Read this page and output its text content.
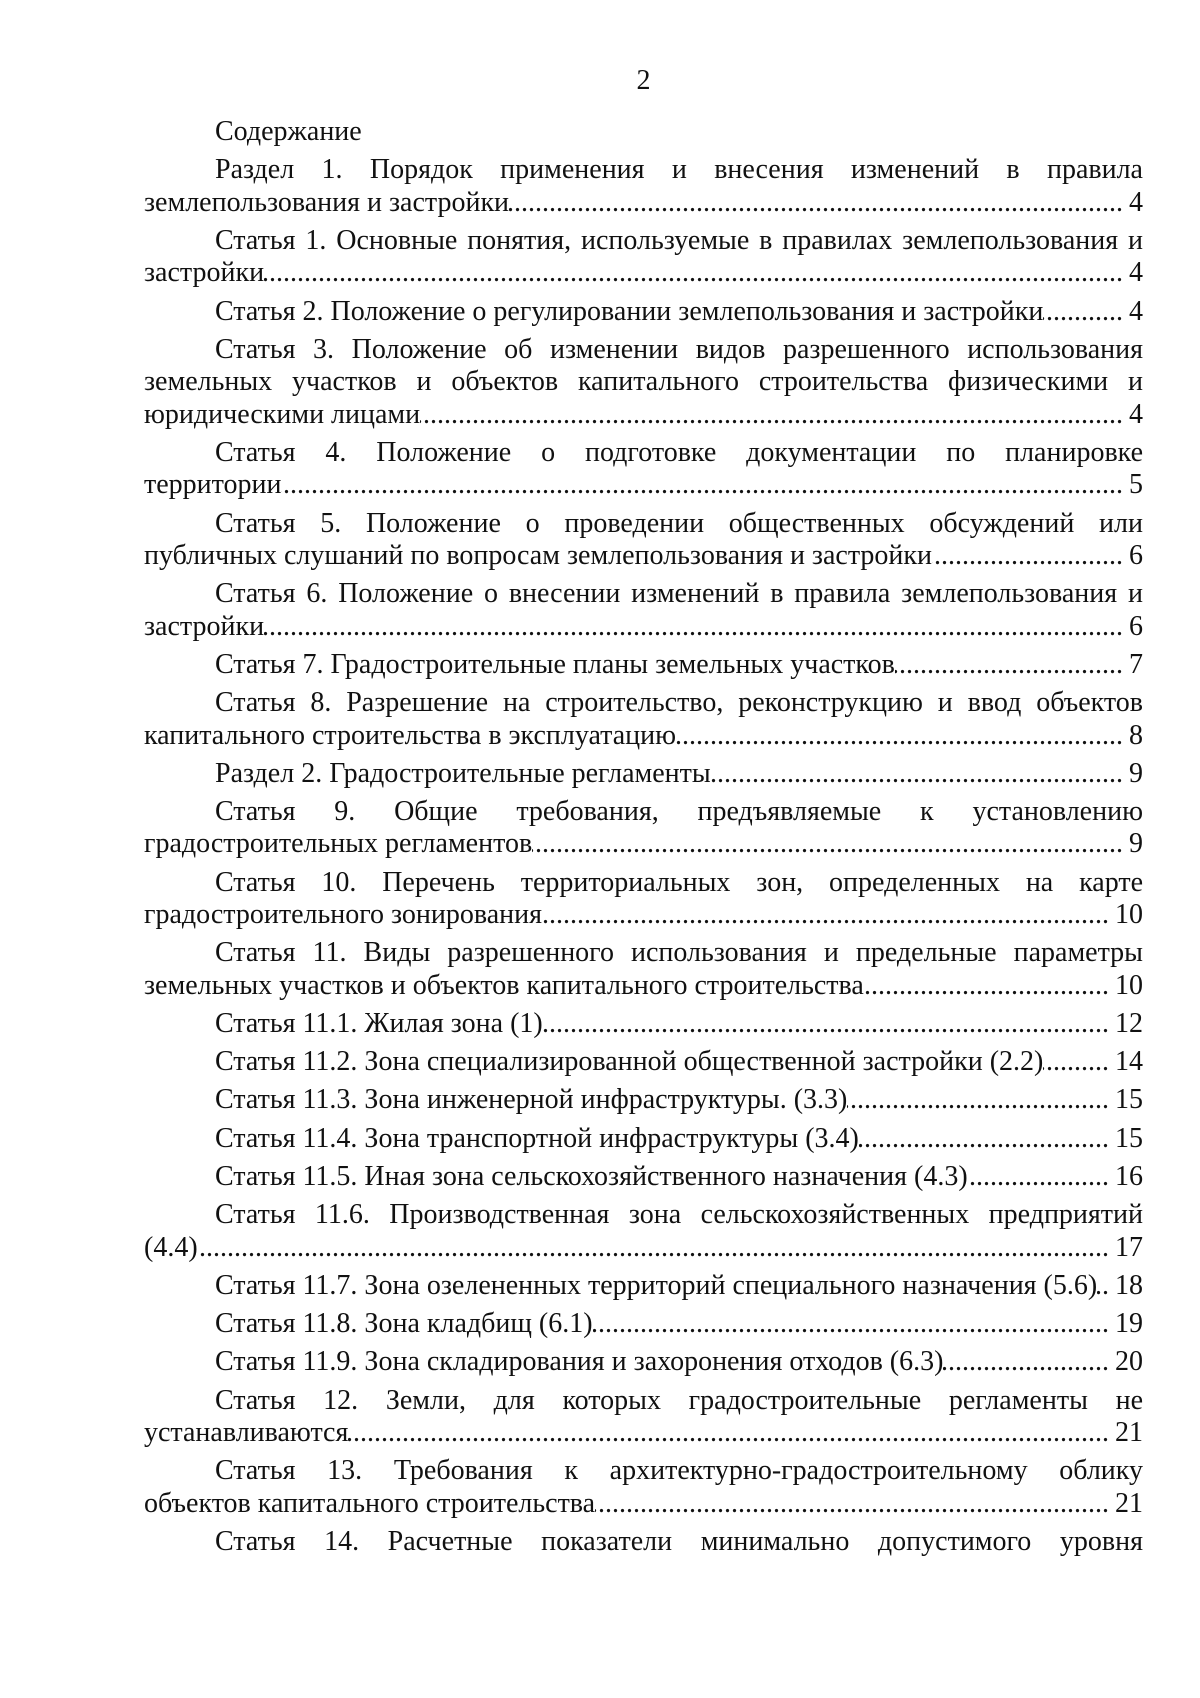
2
Содержание
Раздел 1. Порядок применения и внесения изменений в правила
землепользования и застройки .....	4
Статья 1. Основные понятия, используемые в правилах землепользования и
застройки .....	4
Статья 2. Положение о регулировании землепользования и застройки .....	4
Статья 3. Положение об изменении видов разрешенного использования
земельных участков и объектов капитального строительства физическими и
юридическими лицами .....	4
Статья 4. Положение о подготовке документации по планировке
территории .....	5
Статья 5. Положение о проведении общественных обсуждений или
публичных слушаний по вопросам землепользования и застройки .....	6
Статья 6. Положение о внесении изменений в правила землепользования и
застройки .....	6
Статья 7. Градостроительные планы земельных участков .....	7
Статья 8. Разрешение на строительство, реконструкцию и ввод объектов
капитального строительства в эксплуатацию .....	8
Раздел 2. Градостроительные регламенты .....	9
Статья 9. Общие требования, предъявляемые к установлению
градостроительных регламентов .....	9
Статья 10. Перечень территориальных зон, определенных на карте
градостроительного зонирования .....	10
Статья 11. Виды разрешенного использования и предельные параметры
земельных участков и объектов капитального строительства .....	10
Статья 11.1. Жилая зона (1) .....	12
Статья 11.2. Зона специализированной общественной застройки (2.2) .....	14
Статья 11.3. Зона инженерной инфраструктуры. (3.3) .....	15
Статья 11.4. Зона транспортной инфраструктуры (3.4) .....	15
Статья 11.5. Иная зона сельскохозяйственного назначения (4.3) .....	16
Статья 11.6. Производственная зона сельскохозяйственных предприятий
(4.4) .....	17
Статья 11.7. Зона озелененных территорий специального назначения (5.6) ..... 18
Статья 11.8. Зона кладбищ (6.1) .....	19
Статья 11.9. Зона складирования и захоронения отходов (6.3) .....	20
Статья 12. Земли, для которых градостроительные регламенты не
устанавливаются .....	21
Статья 13. Требования к архитектурно-градостроительному облику
объектов капитального строительства .....	21
Статья 14. Расчетные показатели минимально допустимого уровня
